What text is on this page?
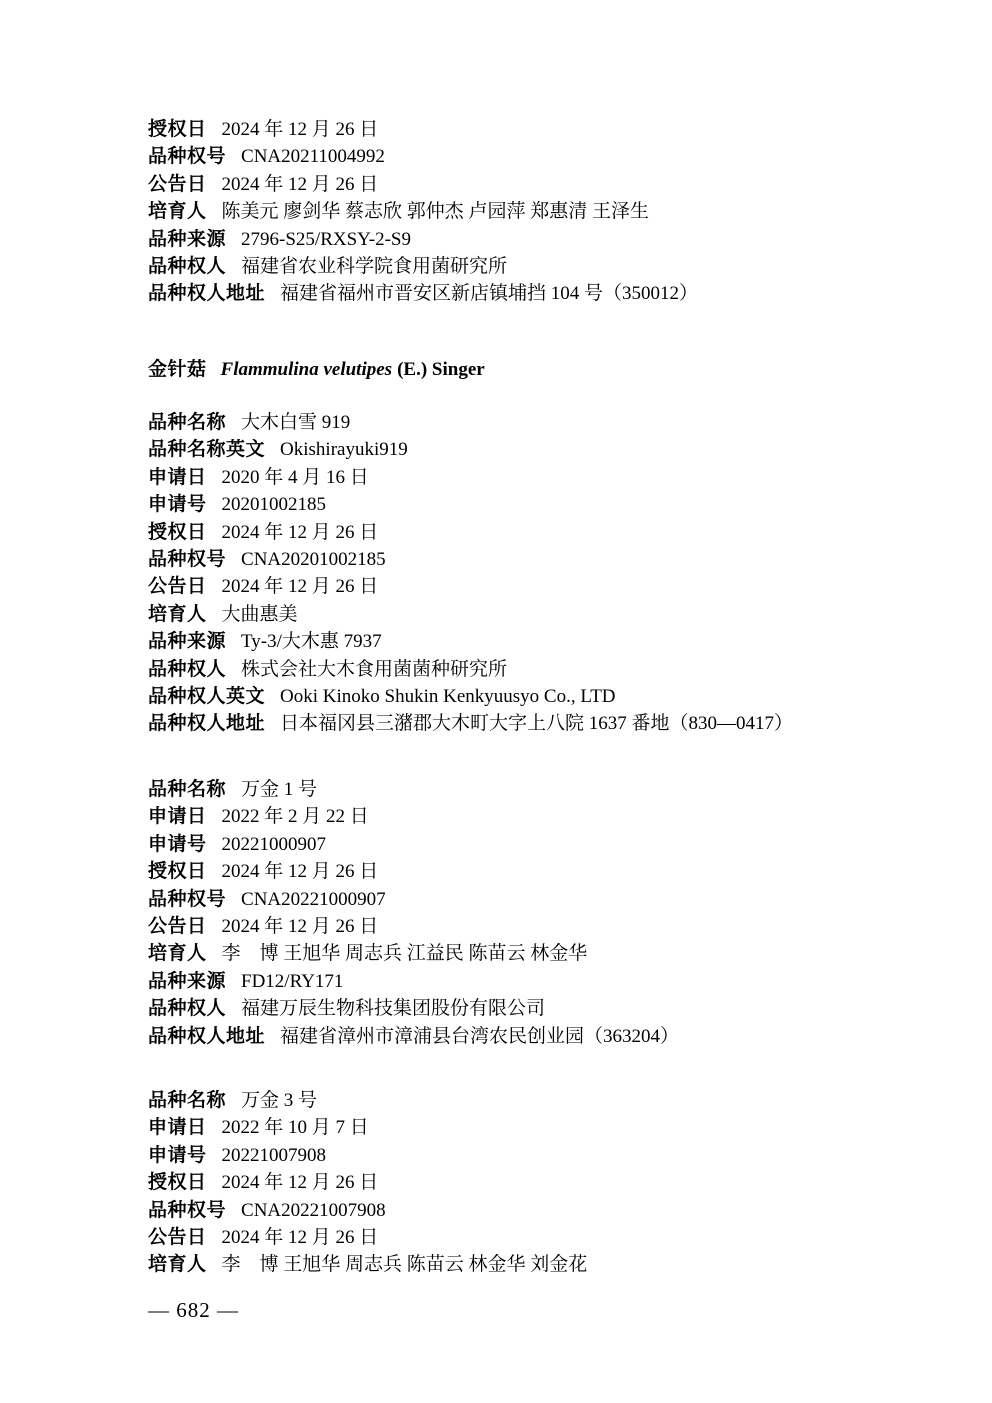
授权日 2024 年 12 月 26 日
品种权号 CNA20211004992
公告日 2024 年 12 月 26 日
培育人 陈美元 廖剑华 蔡志欣 郭仲杰 卢园萍 郑惠清 王泽生
品种来源 2796-S25/RXSY-2-S9
品种权人 福建省农业科学院食用菌研究所
品种权人地址 福建省福州市晋安区新店镇埔挡 104 号（350012）
金针菇 Flammulina velutipes (E.) Singer
品种名称 大木白雪 919
品种名称英文 Okishirayuki919
申请日 2020 年 4 月 16 日
申请号 20201002185
授权日 2024 年 12 月 26 日
品种权号 CNA20201002185
公告日 2024 年 12 月 26 日
培育人 大曲惠美
品种来源 Ty-3/大木惠 7937
品种权人 株式会社大木食用菌菌种研究所
品种权人英文 Ooki Kinoko Shukin Kenkyuusyo Co., LTD
品种权人地址 日本福冈县三潴郡大木町大字上八院 1637 番地（830—0417）
品种名称 万金 1 号
申请日 2022 年 2 月 22 日
申请号 20221000907
授权日 2024 年 12 月 26 日
品种权号 CNA20221000907
公告日 2024 年 12 月 26 日
培育人 李　博 王旭华 周志兵 江益民 陈苗云 林金华
品种来源 FD12/RY171
品种权人 福建万辰生物科技集团股份有限公司
品种权人地址 福建省漳州市漳浦县台湾农民创业园（363204）
品种名称 万金 3 号
申请日 2022 年 10 月 7 日
申请号 20221007908
授权日 2024 年 12 月 26 日
品种权号 CNA20221007908
公告日 2024 年 12 月 26 日
培育人 李　博 王旭华 周志兵 陈苗云 林金华 刘金花
— 682 —
